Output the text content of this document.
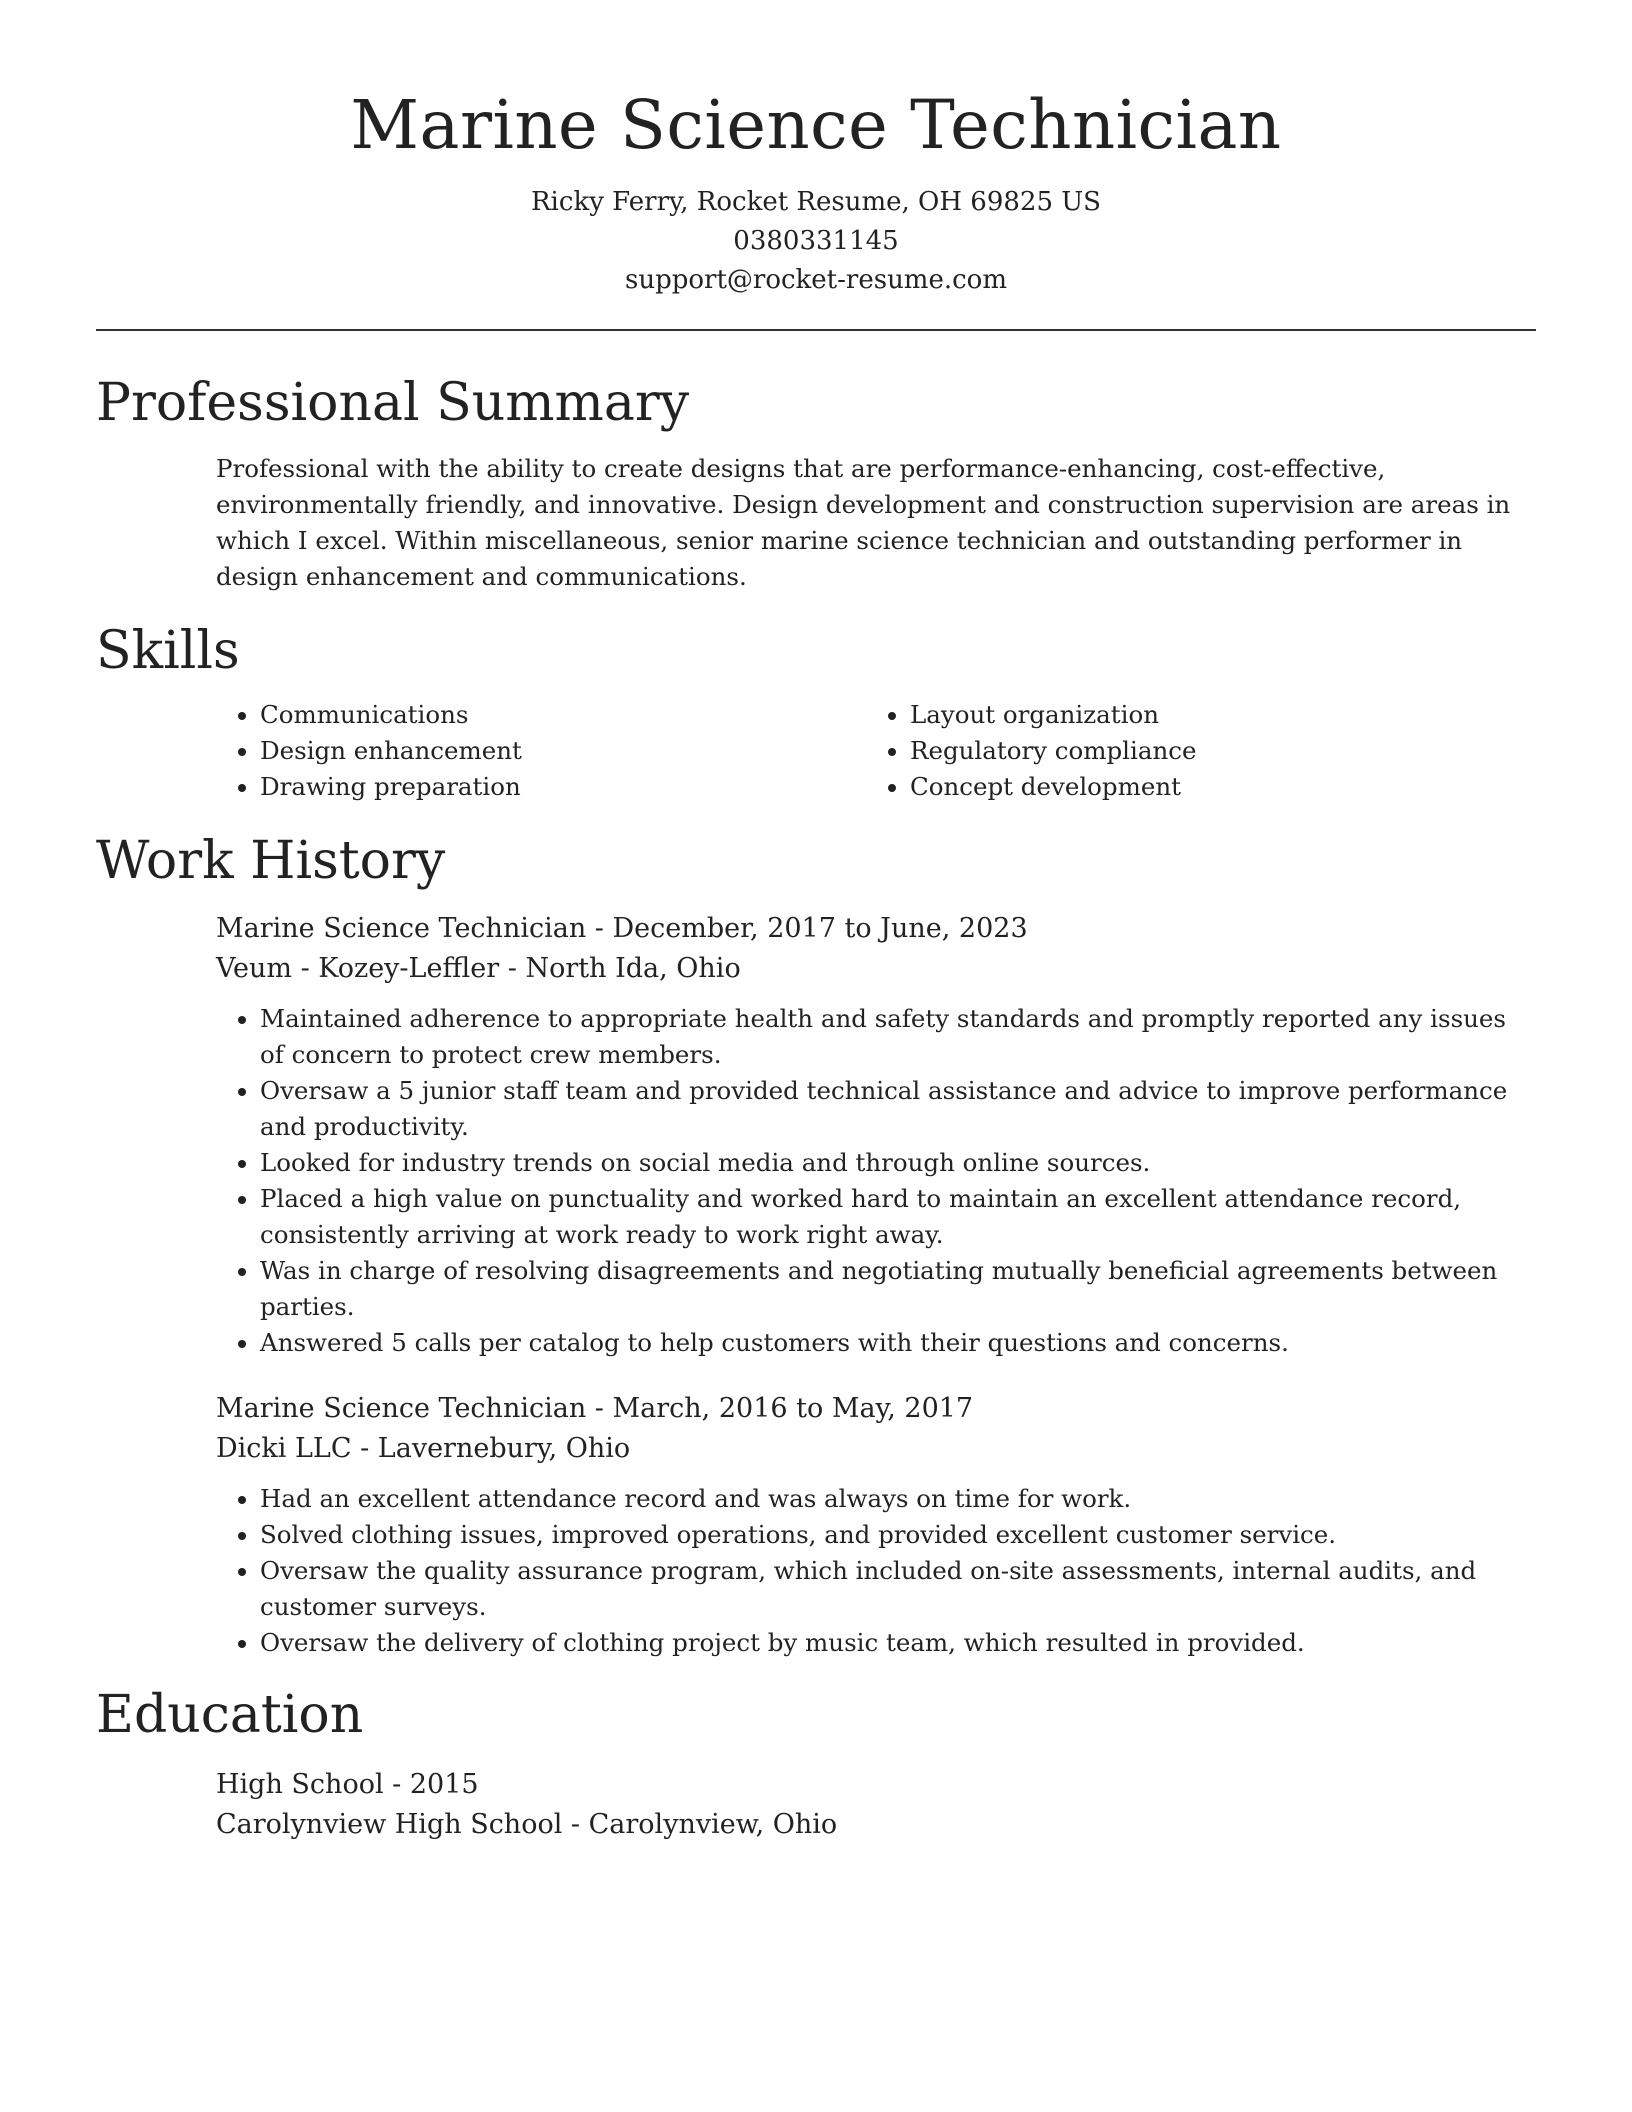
Marine Science Technician
Ricky Ferry, Rocket Resume, OH 69825 US
0380331145
support@rocket-resume.com
Professional Summary
Professional with the ability to create designs that are performance-enhancing, cost-effective, environmentally friendly, and innovative. Design development and construction supervision are areas in which I excel. Within miscellaneous, senior marine science technician and outstanding performer in design enhancement and communications.
Skills
• Communications
• Design enhancement
• Drawing preparation
• Layout organization
• Regulatory compliance
• Concept development
Work History
Marine Science Technician - December, 2017 to June, 2023
Veum - Kozey-Leffler - North Ida, Ohio
• Maintained adherence to appropriate health and safety standards and promptly reported any issues of concern to protect crew members.
• Oversaw a 5 junior staff team and provided technical assistance and advice to improve performance and productivity.
• Looked for industry trends on social media and through online sources.
• Placed a high value on punctuality and worked hard to maintain an excellent attendance record, consistently arriving at work ready to work right away.
• Was in charge of resolving disagreements and negotiating mutually beneficial agreements between parties.
• Answered 5 calls per catalog to help customers with their questions and concerns.
Marine Science Technician - March, 2016 to May, 2017
Dicki LLC - Lavernebury, Ohio
• Had an excellent attendance record and was always on time for work.
• Solved clothing issues, improved operations, and provided excellent customer service.
• Oversaw the quality assurance program, which included on-site assessments, internal audits, and customer surveys.
• Oversaw the delivery of clothing project by music team, which resulted in provided.
Education
High School - 2015
Carolynview High School - Carolynview, Ohio
